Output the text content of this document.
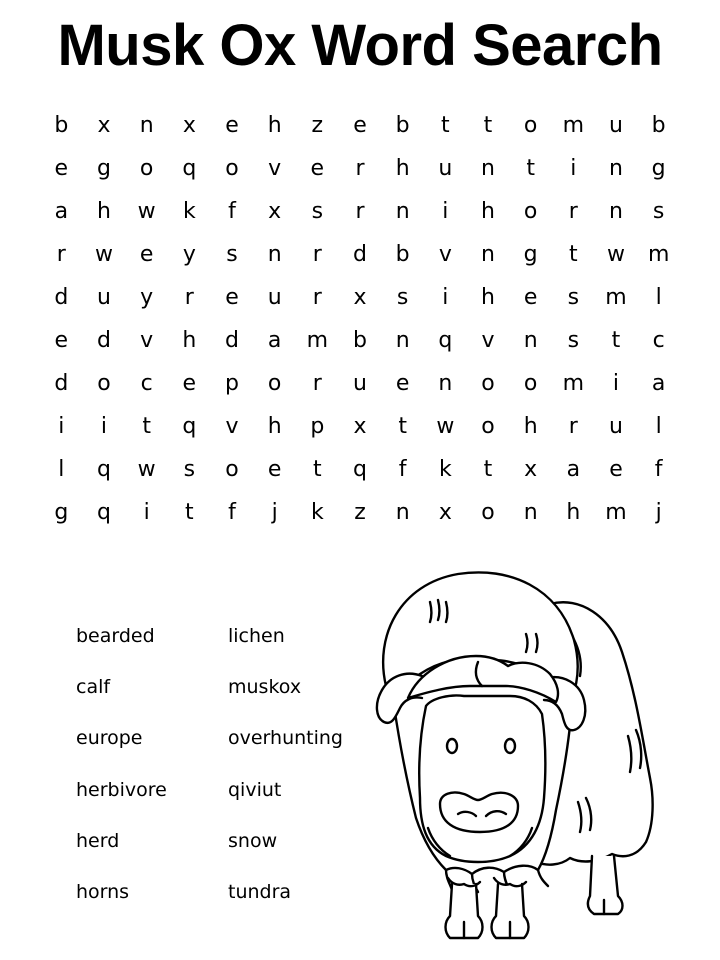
Musk Ox Word Search
b	x	n	x	e	h	z	e	b	t	t	o	m	u	b
e	g	o	q	o	v	e	r	h	u	n	t	i	n	g
a	h	w	k	f	x	s	r	n	i	h	o	r	n	s
r	w	e	y	s	n	r	d	b	v	n	g	t	w	m
d	u	y	r	e	u	r	x	s	i	h	e	s	m	l
e	d	v	h	d	a	m	b	n	q	v	n	s	t	c
d	o	c	e	p	o	r	u	e	n	o	o	m	i	a
i	i	t	q	v	h	p	x	t	w	o	h	r	u	l
l	q	w	s	o	e	t	q	f	k	t	x	a	e	f
g	q	i	t	f	j	k	z	n	x	o	n	h	m	j
bearded
calf
europe
herbivore
herd
horns
lichen
muskox
overhunting
qiviut
snow
tundra
